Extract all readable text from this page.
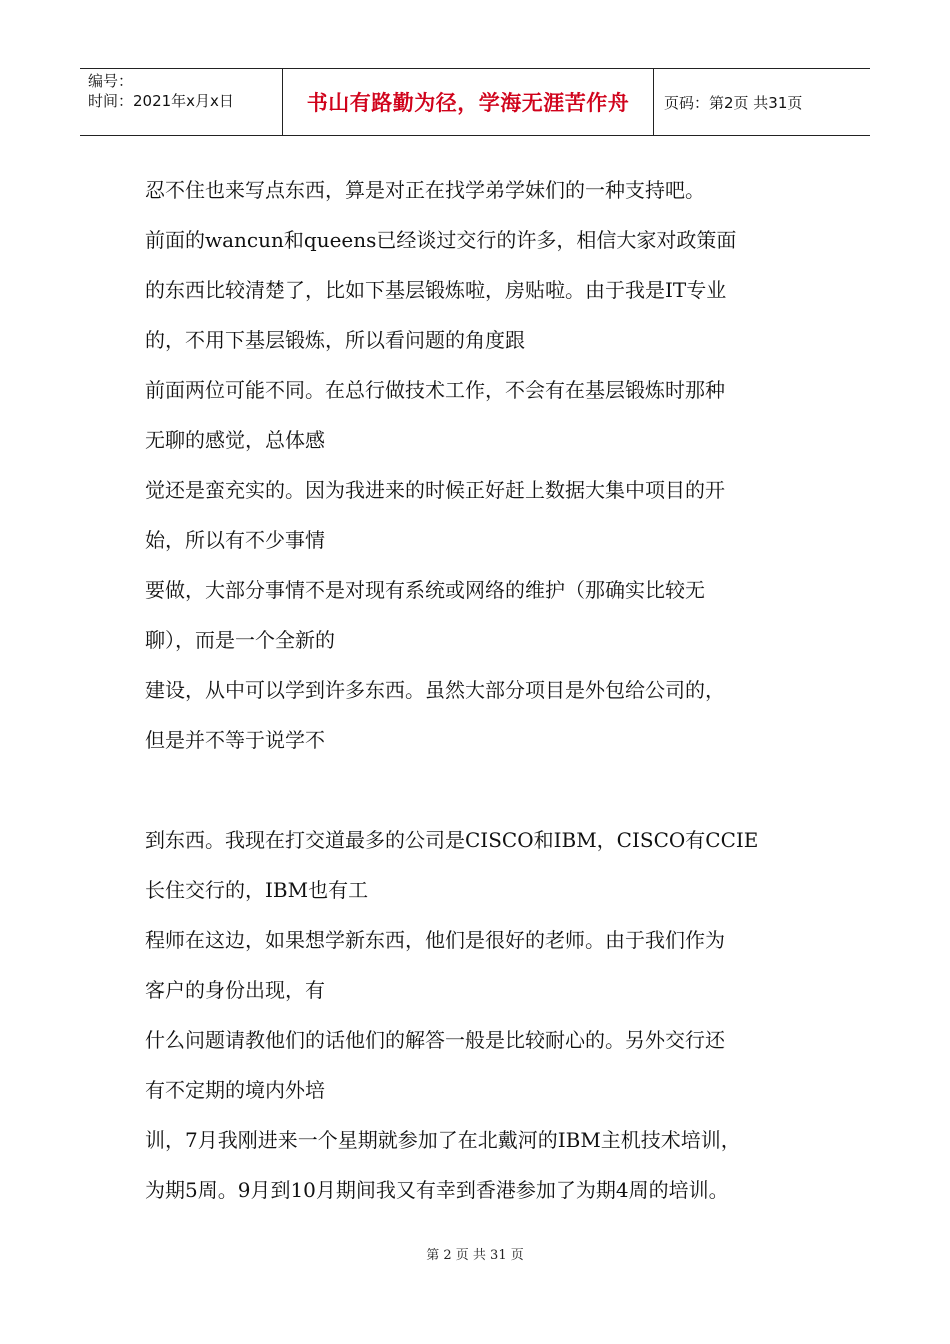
编号：
时间：2021年x月x日	书山有路勤为径，学海无涯苦作舟 页码：第2页 共31页
忍不住也来写点东西，算是对正在找学弟学妹们的一种支持吧。
前面的wancun和queens已经谈过交行的许多，相信大家对政策面
的东西比较清楚了，比如下基层锻炼啦，房贴啦。由于我是IT专业
的，不用下基层锻炼，所以看问题的角度跟
前面两位可能不同。在总行做技术工作，不会有在基层锻炼时那种
无聊的感觉，总体感
觉还是蛮充实的。因为我进来的时候正好赶上数据大集中项目的开
始，所以有不少事情
要做，大部分事情不是对现有系统或网络的维护（那确实比较无
聊），而是一个全新的
建设，从中可以学到许多东西。虽然大部分项目是外包给公司的，
但是并不等于说学不
到东西。我现在打交道最多的公司是CISCO和IBM，CISCO有CCIE
长住交行的，IBM也有工
程师在这边，如果想学新东西，他们是很好的老师。由于我们作为
客户的身份出现，有
什么问题请教他们的话他们的解答一般是比较耐心的。另外交行还
有不定期的境内外培
训，7月我刚进来一个星期就参加了在北戴河的IBM主机技术培训，
为期5周。9月到10月期间我又有幸到香港参加了为期4周的培训。
第 2 页 共 31 页
